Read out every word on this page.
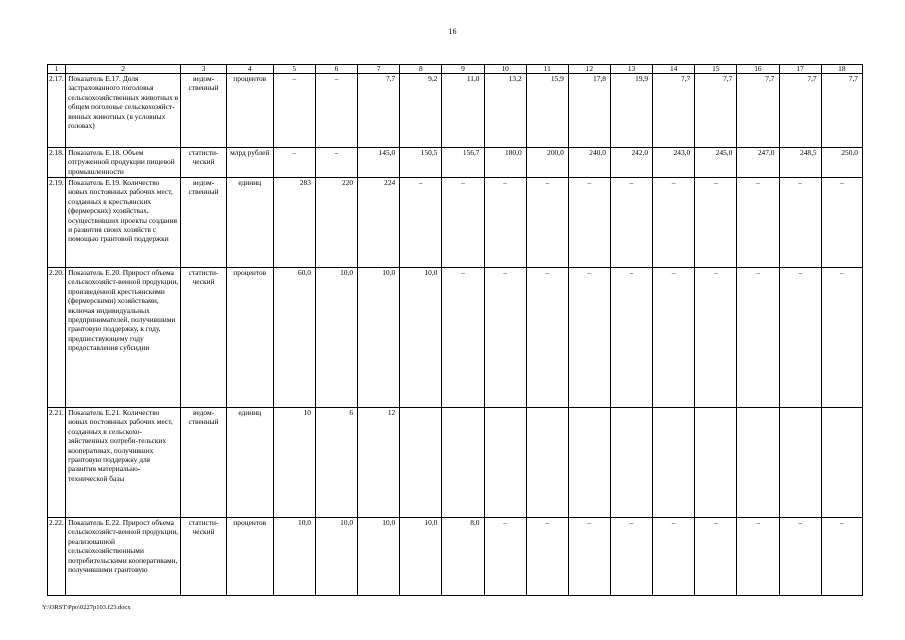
16
1	2	3	4	5	6	7	8	9	10	11	12	13	14	15	16	17	18
2.17.	Показатель Е.17. Доля застрахованного поголовья сельскохозяйственных животных в общем поголовье сельскохозяйст-венных животных (в условных головах)	ведом-ственный	процентов	–	–	7,7	9,2	11,0	13,2	15,9	17,8	19,9	7,7	7,7	7,7	7,7	7,7
2.18.	Показатель Е.18. Объем отгруженной продукции пищевой промышленности	статисти-ческий	млрд рублей	–	–	145,0	150,5	156,7	180,0	200,0	240,0	242,0	243,0	245,0	247,0	248,5	250,0
2.19.	Показатель Е.19. Количество новых постоянных рабочих мест, созданных в крестьянских (фермерских) хозяйствах, осуществивших проекты создания и развития своих хозяйств с помощью грантовой поддержки	ведом-ственный	единиц	283	220	224	–	–	–	–	–	–	–	–	–	–	–
2.20.	Показатель Е.20. Прирост объема сельскохозяйст-венной продукции, произведенной крестьянскими (фермерскими) хозяйствами, включая индивидуальных предпринимателей, получившими грантовую поддержку, к году, предшествующему году предоставления субсидии	статисти-ческий	процентов	60,0	10,0	10,0	10,0	–	–	–	–	–	–	–	–	–	–
2.21.	Показатель Е.21. Количество новых постоянных рабочих мест, созданных в сельскохо-зяйственных потреби-тельских кооперативах, получивших грантовую поддержку для развития материально-технической базы	ведом-ственный	единиц	10	6	12											
2.22.	Показатель Е.22. Прирост объема сельскохозяйст-венной продукции, реализованной сельскохозяйственными потребительскими кооперативами, получившими грантовую	статисти-ческий	процентов	10,0	10,0	10,0	10,0	8,0	–	–	–	–	–	–	–	–	–
Y:\ORST\Ppo\0227p103.f23.docx
